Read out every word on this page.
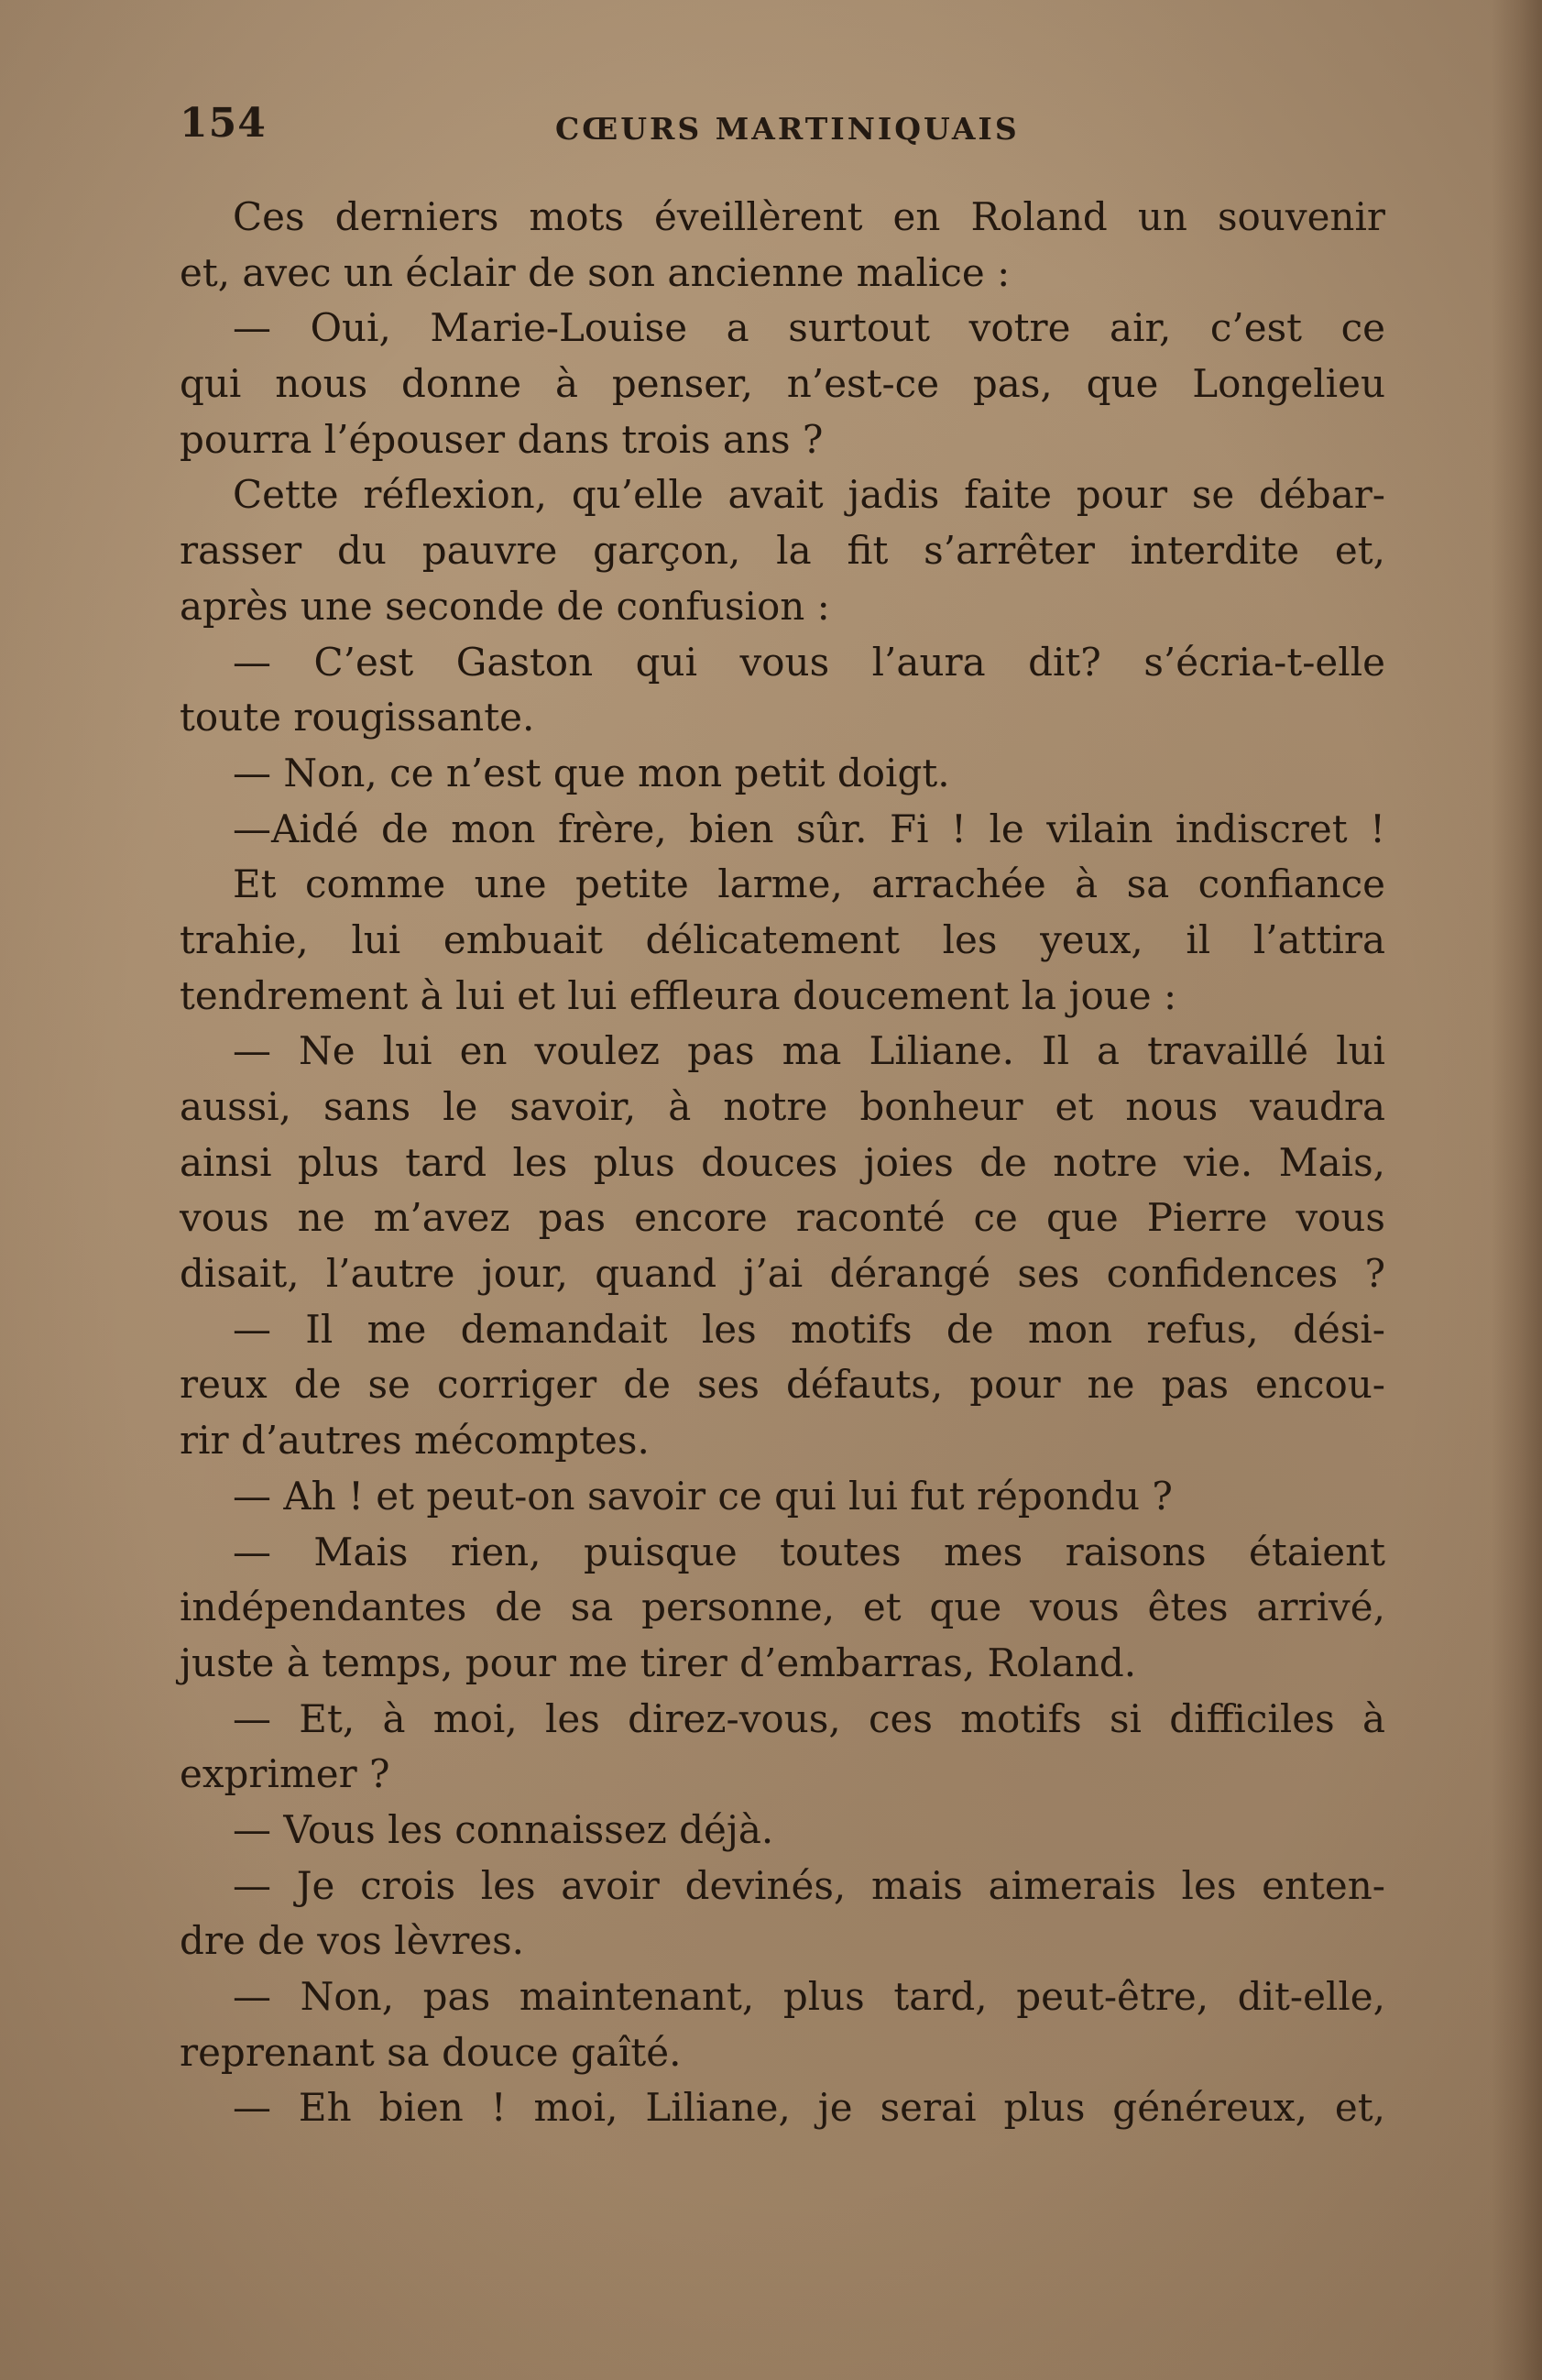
154	CŒURS MARTINIQUAIS
Ces derniers mots éveillèrent en Roland un souvenir
et, avec un éclair de son ancienne malice :
— Oui, Marie-Louise a surtout votre air, c’est ce
qui nous donne à penser, n’est-ce pas, que Longelieu
pourra l’épouser dans trois ans ?
Cette réflexion, qu’elle avait jadis faite pour se débar-
rasser du pauvre garçon, la fit s’arrêter interdite et,
après une seconde de confusion :
— C’est Gaston qui vous l’aura dit? s’écria-t-elle
toute rougissante.
— Non, ce n’est que mon petit doigt.
—Aidé de mon frère, bien sûr. Fi ! le vilain indiscret !
Et comme une petite larme, arrachée à sa confiance
trahie, lui embuait délicatement les yeux, il l’attira
tendrement à lui et lui effleura doucement la joue :
— Ne lui en voulez pas ma Liliane. Il a travaillé lui
aussi, sans le savoir, à notre bonheur et nous vaudra
ainsi plus tard les plus douces joies de notre vie. Mais,
vous ne m’avez pas encore raconté ce que Pierre vous
disait, l’autre jour, quand j’ai dérangé ses confidences ?
— Il me demandait les motifs de mon refus, dési-
reux de se corriger de ses défauts, pour ne pas encou-
rir d’autres mécomptes.
— Ah ! et peut-on savoir ce qui lui fut répondu ?
— Mais rien, puisque toutes mes raisons étaient
indépendantes de sa personne, et que vous êtes arrivé,
juste à temps, pour me tirer d’embarras, Roland.
— Et, à moi, les direz-vous, ces motifs si difficiles à
exprimer ?
— Vous les connaissez déjà.
— Je crois les avoir devinés, mais aimerais les enten-
dre de vos lèvres.
— Non, pas maintenant, plus tard, peut-être, dit-elle,
reprenant sa douce gaîté.
— Eh bien ! moi, Liliane, je serai plus généreux, et,
